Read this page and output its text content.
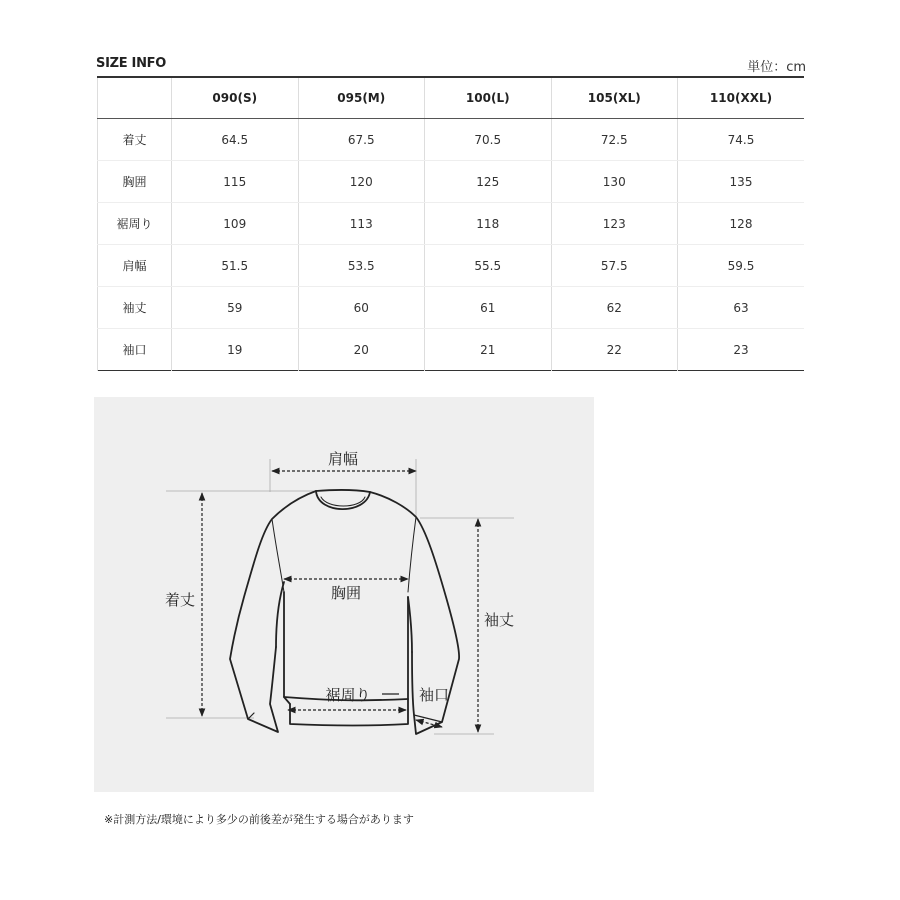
SIZE INFO	単位：cm
	090(S)	095(M)	100(L)	105(XL)	110(XXL)
着丈	64.5	67.5	70.5	72.5	74.5
胸囲	115	120	125	130	135
裾周り	109	113	118	123	128
肩幅	51.5	53.5	55.5	57.5	59.5
袖丈	59	60	61	62	63
袖口	19	20	21	22	23
肩幅
着丈	胸囲
袖丈
裾周り	袖口
※計測方法/環境により多少の前後差が発生する場合があります
